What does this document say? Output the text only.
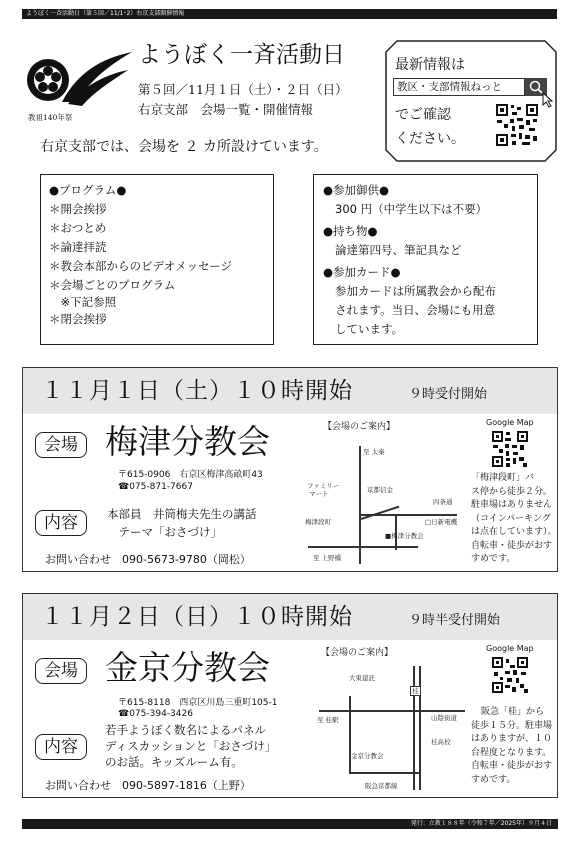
ようぼく一斉活動日（第５回／11/1･2）右京支部開催情報
教祖140年祭
ようぼく一斉活動日
第５回／11月１日（土）・２日（日）
右京支部　会場一覧・開催情報
右京支部では、会場を ２ カ所設けています。
最新情報は
教区・支部情報ねっと
でご確認
ください。
●プログラム●
＊開会挨拶
＊おつとめ
＊論達拝読
＊教会本部からのビデオメッセージ
＊会場ごとのプログラム
　※下記参照
＊閉会挨拶
●参加御供●
300 円（中学生以下は不要）
●持ち物●
論達第四号、筆記具など
●参加カード●
参加カードは所属教会から配布
されます。当日、会場にも用意
しています。
１１月１日（土）１０時開始	９時受付開始
会場 梅津分教会
〒615-0906　右京区梅津高畝町43
☎075-871-7667
内容	本部員　井筒梅夫先生の講話
　テーマ「おさづけ」
お問い合わせ　090-5673-9780（岡松）
【会場のご案内】
至 太秦
ファミリー
マート	京都信金
四条通
梅津段町	□日新電機
■梅津分教会
至 上野橋
Google Map
「梅津段町」バ
ス停から徒歩２分。
駐車場はありません
（コインパーキング
は点在しています）。
自転車・徒歩がおす
すめです。
１１月２日（日）１０時開始	９時半受付開始
会場 金京分教会
〒615-8118　西京区川島三重町105-1
☎075-394-3426
内容
若手ようぼく数名によるパネル
ディスカッションと「おさづけ」
のお話。キッズルーム有。
お問い合わせ　090-5897-1816（上野）
【会場のご案内】
大東建託
至 桂駅
桂
山陰街道
桂高校
金京分教会
阪急京都線
Google Map
阪急「桂」から
徒歩１５分。駐車場
はありますが、１０
台程度となります。
自転車・徒歩がおす
すめです。
発行：立教１８８年（令和７年／2025年）９月４日
